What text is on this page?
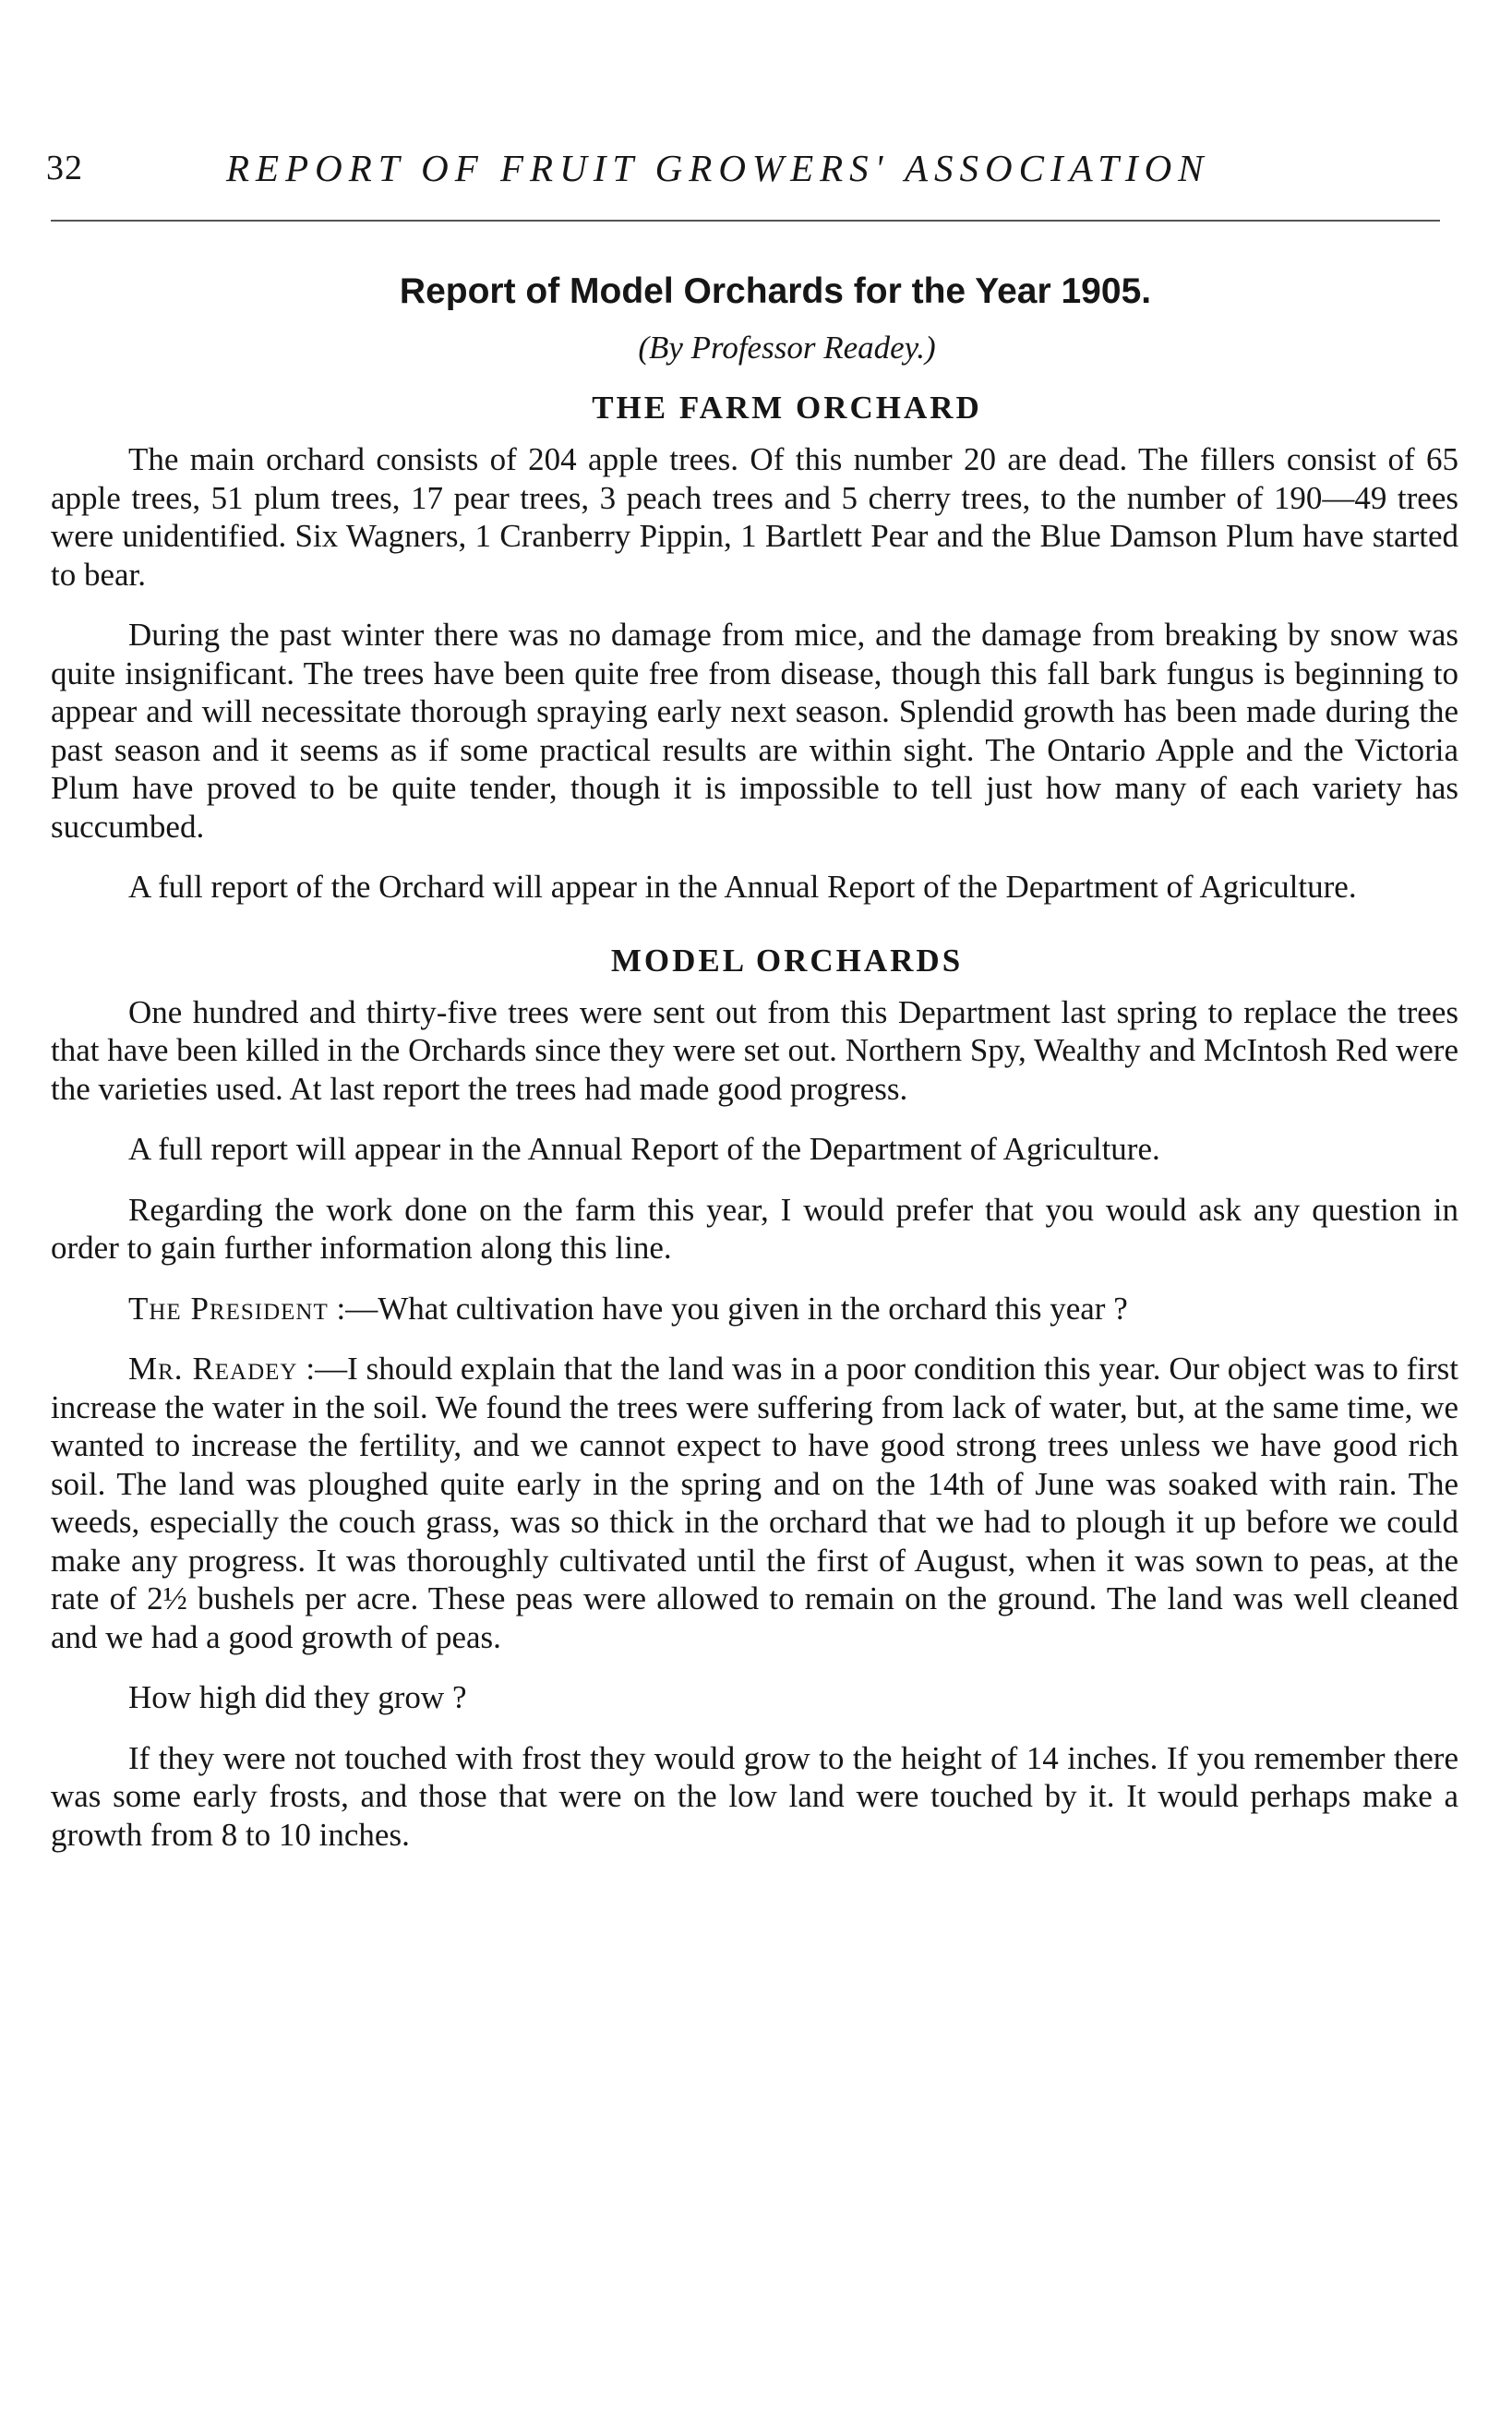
32	REPORT OF FRUIT GROWERS' ASSOCIATION
Report of Model Orchards for the Year 1905.
(By Professor Readey.)
THE FARM ORCHARD

The main orchard consists of 204 apple trees. Of this number 20 are dead. The fillers consist of 65 apple trees, 51 plum trees, 17 pear trees, 3 peach trees and 5 cherry trees, to the number of 190—49 trees were unidentified. Six Wagners, 1 Cranberry Pippin, 1 Bartlett Pear and the Blue Damson Plum have started to bear.

During the past winter there was no damage from mice, and the damage from breaking by snow was quite insignificant. The trees have been quite free from disease, though this fall bark fungus is beginning to appear and will necessitate thorough spraying early next season. Splendid growth has been made during the past season and it seems as if some practical results are within sight. The Ontario Apple and the Victoria Plum have proved to be quite tender, though it is impossible to tell just how many of each variety has succumbed.

A full report of the Orchard will appear in the Annual Report of the Department of Agriculture.

MODEL ORCHARDS

One hundred and thirty-five trees were sent out from this Department last spring to replace the trees that have been killed in the Orchards since they were set out. Northern Spy, Wealthy and McIntosh Red were the varieties used. At last report the trees had made good progress.

A full report will appear in the Annual Report of the Department of Agriculture.

Regarding the work done on the farm this year, I would prefer that you would ask any question in order to gain further information along this line.

The President :—What cultivation have you given in the orchard this year ?

Mr. Readey :—I should explain that the land was in a poor condition this year. Our object was to first increase the water in the soil. We found the trees were suffering from lack of water, but, at the same time, we wanted to increase the fertility, and we cannot expect to have good strong trees unless we have good rich soil. The land was ploughed quite early in the spring and on the 14th of June was soaked with rain. The weeds, especially the couch grass, was so thick in the orchard that we had to plough it up before we could make any progress. It was thoroughly cultivated until the first of August, when it was sown to peas, at the rate of 2½ bushels per acre. These peas were allowed to remain on the ground. The land was well cleaned and we had a good growth of peas.

How high did they grow ?

If they were not touched with frost they would grow to the height of 14 inches. If you remember there was some early frosts, and those that were on the low land were touched by it. It would perhaps make a growth from 8 to 10 inches.
